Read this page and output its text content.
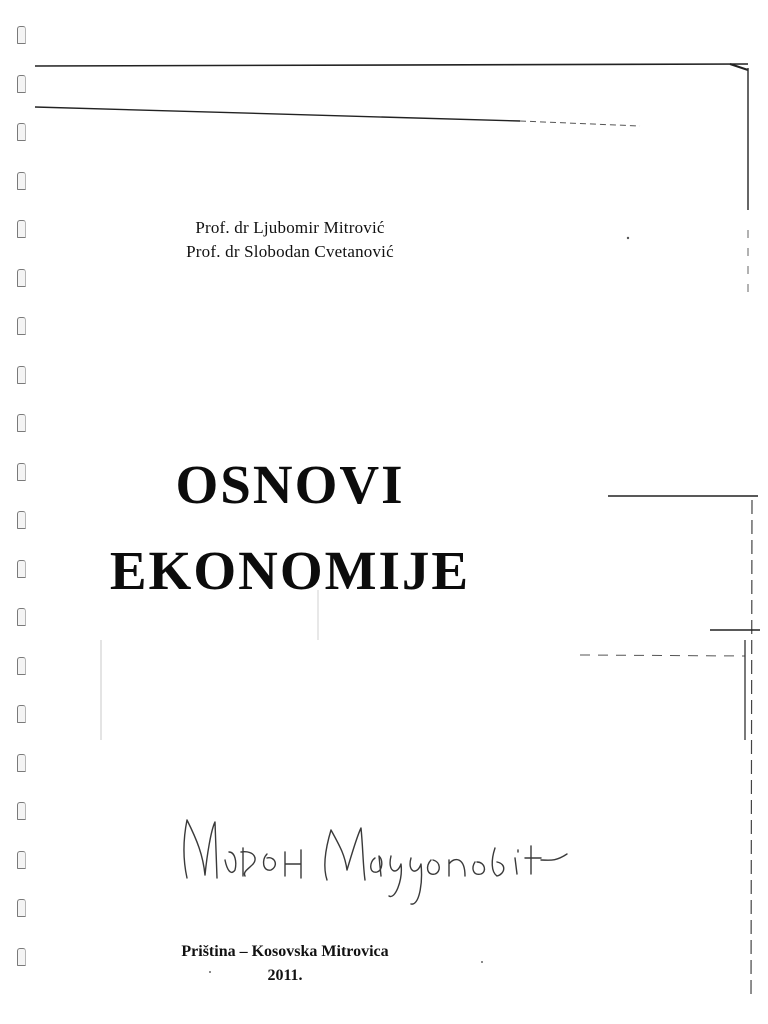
Prof. dr Ljubomir Mitrović
Prof. dr Slobodan Cvetanović
OSNOVI
EKONOMIJE
Priština – Kosovska Mitrovica
2011.
